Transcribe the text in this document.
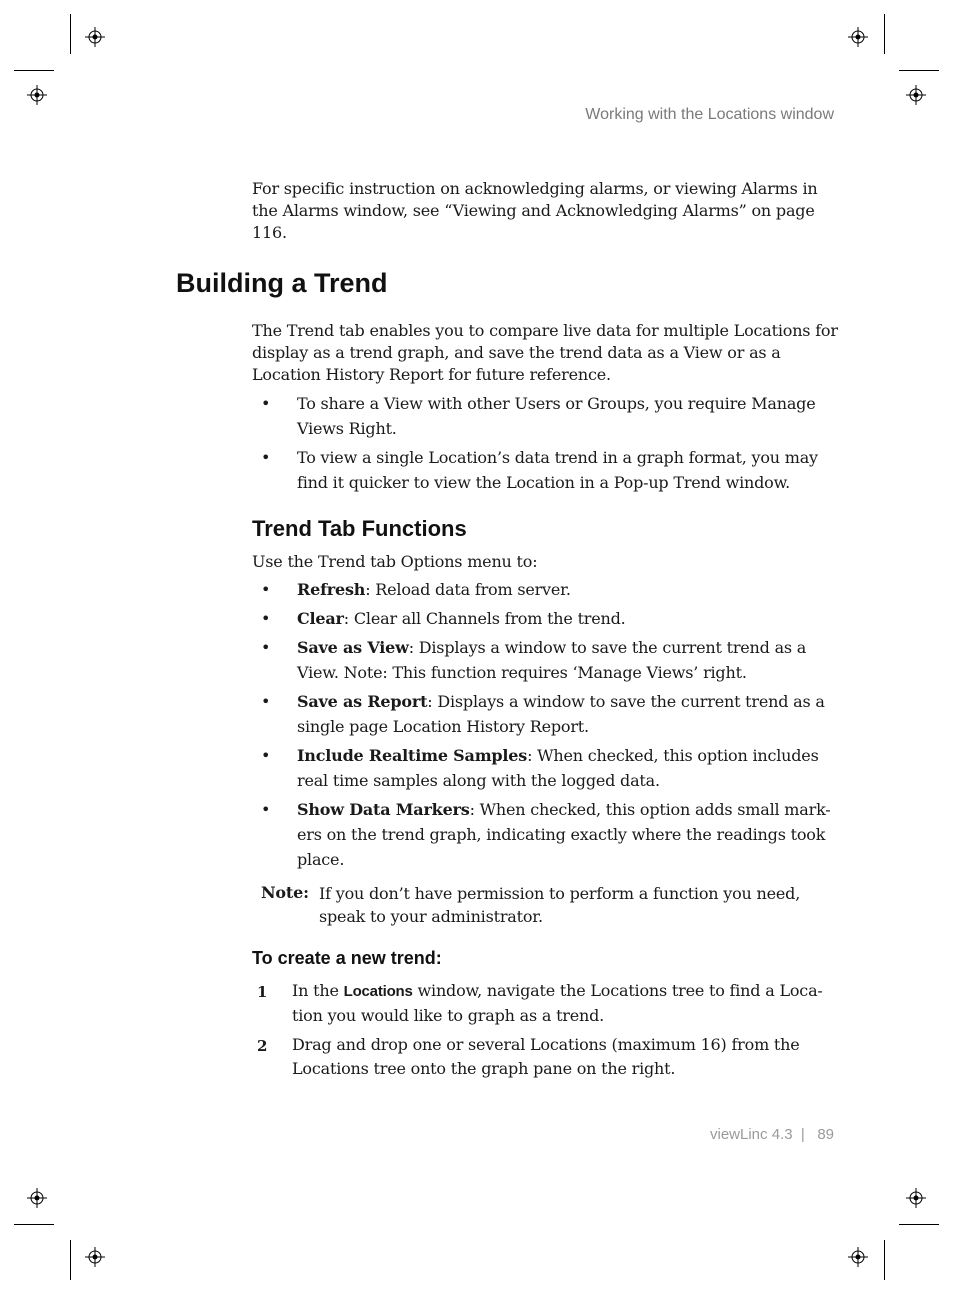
Working with the Locations window
For specific instruction on acknowledging alarms, or viewing Alarms in the Alarms window, see “Viewing and Acknowledging Alarms” on page 116.
Building a Trend
The Trend tab enables you to compare live data for multiple Locations for display as a trend graph, and save the trend data as a View or as a Location History Report for future reference.
• To share a View with other Users or Groups, you require Manage Views Right.
• To view a single Location’s data trend in a graph format, you may find it quicker to view the Location in a Pop-up Trend window.
Trend Tab Functions
Use the Trend tab Options menu to:
• Refresh: Reload data from server.
• Clear: Clear all Channels from the trend.
• Save as View: Displays a window to save the current trend as a View. Note: This function requires ‘Manage Views’ right.
• Save as Report: Displays a window to save the current trend as a single page Location History Report.
• Include Realtime Samples: When checked, this option includes real time samples along with the logged data.
• Show Data Markers: When checked, this option adds small mark-ers on the trend graph, indicating exactly where the readings took place.
Note: If you don’t have permission to perform a function you need, speak to your administrator.
To create a new trend:
1 In the Locations window, navigate the Locations tree to find a Loca-tion you would like to graph as a trend.
2 Drag and drop one or several Locations (maximum 16) from the Locations tree onto the graph pane on the right.
viewLinc 4.3 | 89
